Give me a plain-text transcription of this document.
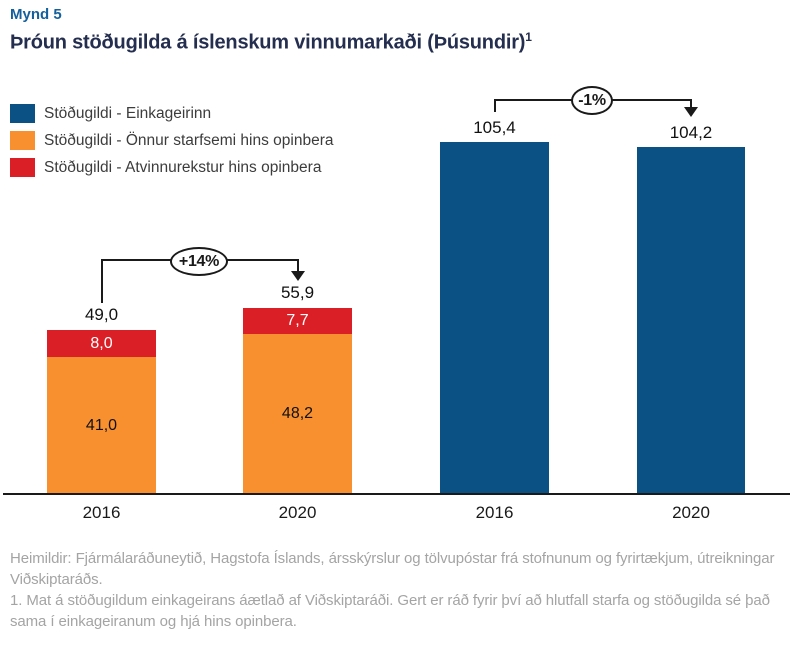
Mynd 5
Þróun stöðugilda á íslenskum vinnumarkaði (Þúsundir)$^1$
Stöðugildi - Einkageirinn
Stöðugildi - Önnur starfsemi hins opinbera
Stöðugildi - Atvinnurekstur hins opinbera
+14%
-1%
49,0
55,9
105,4	104,2
8,0
41,0
7,7
48,2
2016	2020	2016	2020

Heimildir: Fjármálaráðuneytið, Hagstofa Íslands, ársskýrslur og tölvupóstar frá stofnunum og fyrirtækjum, útreikningar Viðskiptaráðs.

1. Mat á stöðugildum einkageirans áætlað af Viðskiptaráði. Gert er ráð fyrir því að hlutfall starfa og stöðugilda sé það sama í einkageiranum og hjá hins opinbera.
